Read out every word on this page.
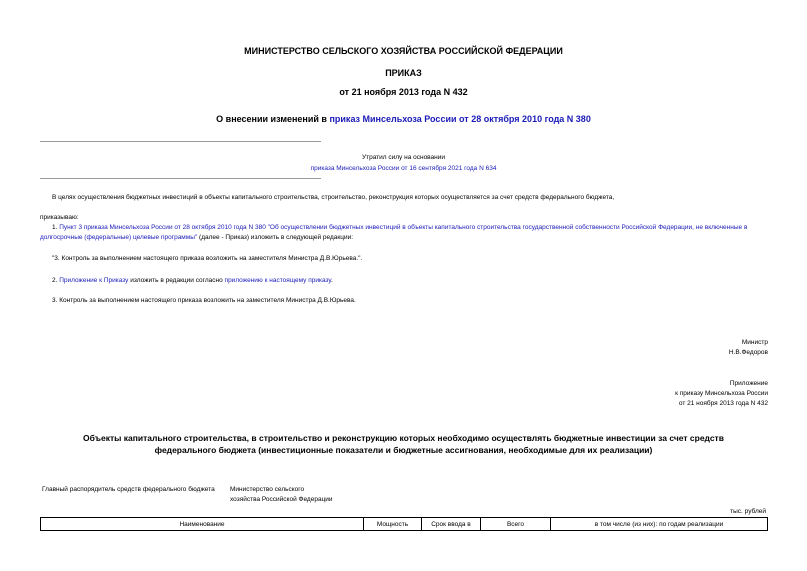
МИНИСТЕРСТВО СЕЛЬСКОГО ХОЗЯЙСТВА РОССИЙСКОЙ ФЕДЕРАЦИИ
ПРИКАЗ
от 21 ноября 2013 года N 432
О внесении изменений в приказ Минсельхоза России от 28 октября 2010 года N 380
Утратил силу на основании
приказа Минсельхоза России от 16 сентября 2021 года N 634
В целях осуществления бюджетных инвестиций в объекты капитального строительства, строительство, реконструкция которых осуществляется за счет средств федерального бюджета,
приказываю:
1. Пункт 3 приказа Минсельхоза России от 28 октября 2010 года N 380 "Об осуществлении бюджетных инвестиций в объекты капитального строительства государственной собственности Российской Федерации, не включенные в долгосрочные (федеральные) целевые программы" (далее - Приказ) изложить в следующей редакции:
"3. Контроль за выполнением настоящего приказа возложить на заместителя Министра Д.В.Юрьева.".
2. Приложение к Приказу изложить в редакции согласно приложению к настоящему приказу.
3. Контроль за выполнением настоящего приказа возложить на заместителя Министра Д.В.Юрьева.
Министр
Н.В.Федоров
Приложение
к приказу Минсельхоза России
от 21 ноября 2013 года N 432
Объекты капитального строительства, в строительство и реконструкцию которых необходимо осуществлять бюджетные инвестиции за счет средств
федерального бюджета (инвестиционные показатели и бюджетные ассигнования, необходимые для их реализации)
Главный распорядитель средств федерального бюджета Министерство сельского
хозяйства Российской Федерации
тыс. рублей
Наименование	Мощность	Срок ввода в	Всего	в том числе (из них): по годам реализации
